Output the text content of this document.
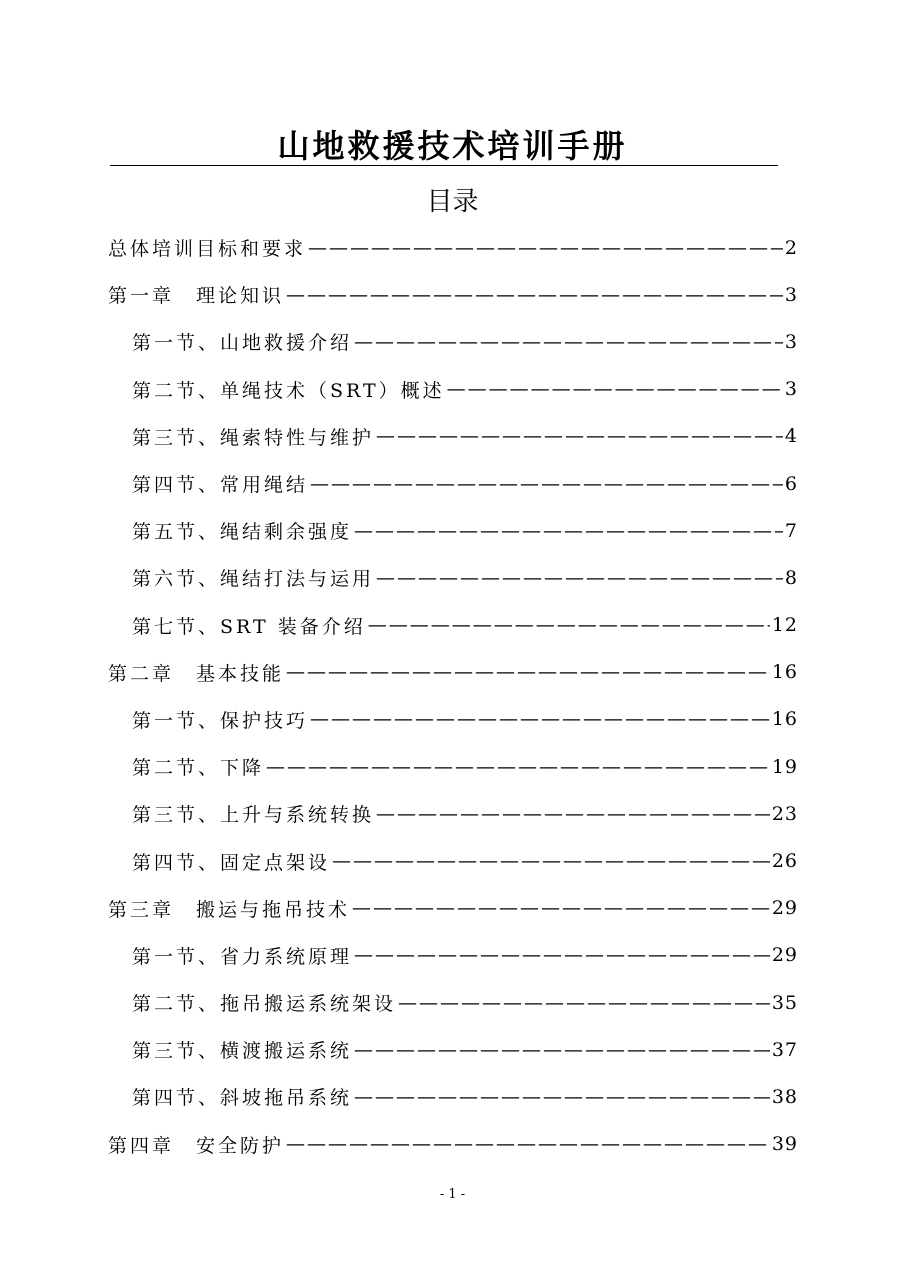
山地救援技术培训手册
目录
总体培训目标和要求 —————	2
第一章　理论知识 —————	3
第一节、山地救援介绍 —————	3
第二节、单绳技术（SRT）概述 —————	3
第三节、绳索特性与维护 —————	4
第四节、常用绳结 —————	6
第五节、绳结剩余强度 —————	7
第六节、绳结打法与运用 —————	8
第七节、SRT 装备介绍 —————	12
第二章　基本技能 —————	16
第一节、保护技巧 —————	16
第二节、下降 —————	19
第三节、上升与系统转换 —————	23
第四节、固定点架设 —————	26
第三章　搬运与拖吊技术 —————	29
第一节、省力系统原理 —————	29
第二节、拖吊搬运系统架设 —————	35
第三节、横渡搬运系统 —————	37
第四节、斜坡拖吊系统 —————	38
第四章　安全防护 —————	39
- 1 -
